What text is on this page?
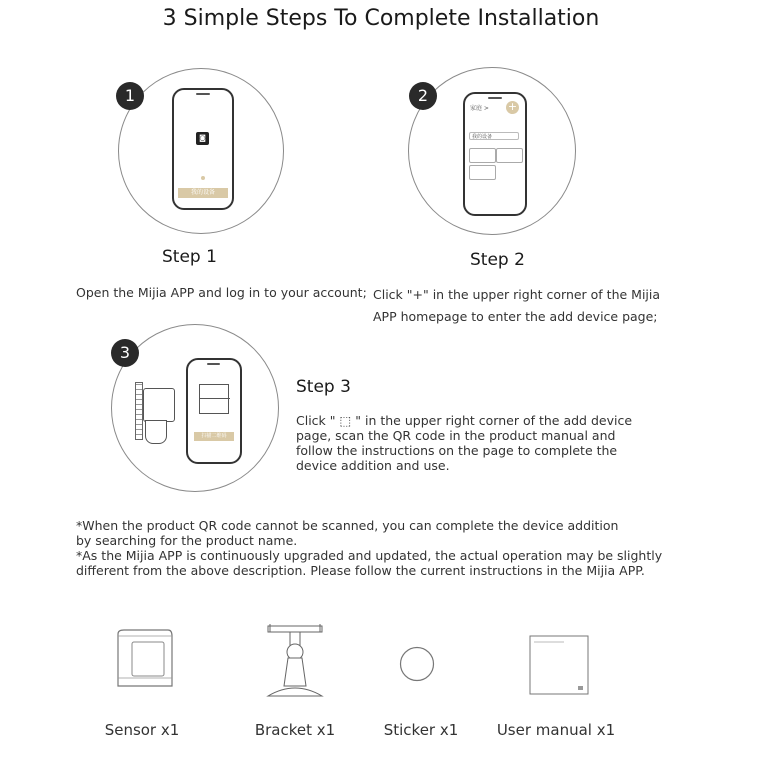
3 Simple Steps To Complete Installation
◙
我的设备
1
Step 1
Open the Mijia APP and log in to your account;
家庭 > +
我的设备
2
Step 2
Click "+" in the upper right corner of the Mijia
APP homepage to enter the add device page;
扫描二维码
3
Step 3
Click " ⬚ " in the upper right corner of the add device
page, scan the QR code in the product manual and
follow the instructions on the page to complete the
device addition and use.
*When the product QR code cannot be scanned, you can complete the device addition
by searching for the product name.
*As the Mijia APP is continuously upgraded and updated, the actual operation may be slightly
different from the above description. Please follow the current instructions in the Mijia APP.
Sensor x1	Bracket x1	Sticker x1	User manual x1
